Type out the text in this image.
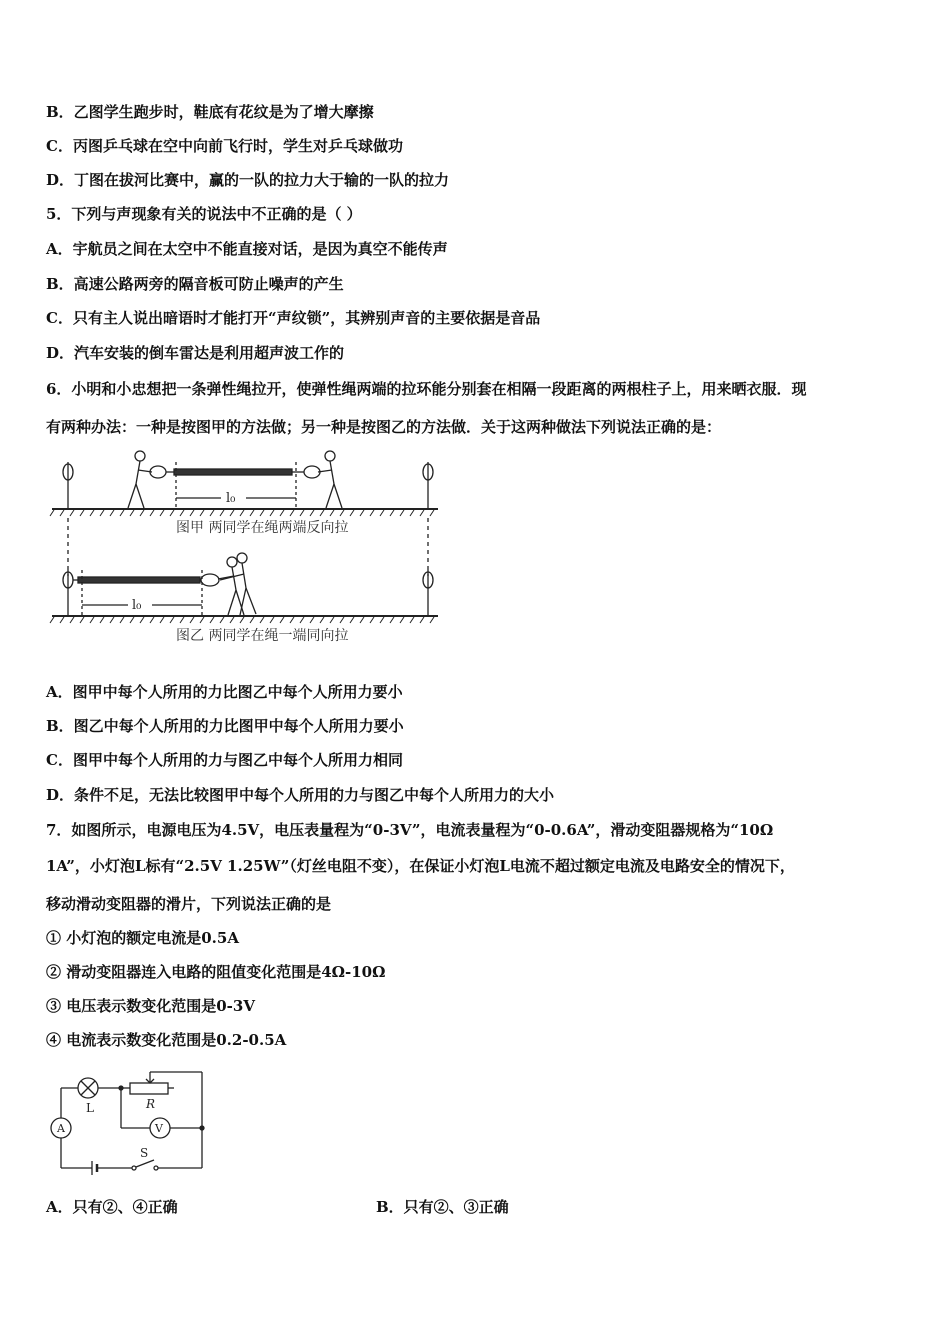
B．乙图学生跑步时，鞋底有花纹是为了增大摩擦
C．丙图乒乓球在空中向前飞行时，学生对乒乓球做功
D．丁图在拔河比赛中，赢的一队的拉力大于输的一队的拉力
5．下列与声现象有关的说法中不正确的是（ ）
A．宇航员之间在太空中不能直接对话，是因为真空不能传声
B．高速公路两旁的隔音板可防止噪声的产生
C．只有主人说出暗语时才能打开“声纹锁”，其辨别声音的主要依据是音品
D．汽车安装的倒车雷达是利用超声波工作的
6．小明和小忠想把一条弹性绳拉开，使弹性绳两端的拉环能分别套在相隔一段距离的两根柱子上，用来晒衣服．现
有两种办法：一种是按图甲的方法做；另一种是按图乙的方法做．关于这两种做法下列说法正确的是：
l₀
l₀
图甲 两同学在绳两端反向拉
图乙 两同学在绳一端同向拉
A．图甲中每个人所用的力比图乙中每个人所用力要小
B．图乙中每个人所用的力比图甲中每个人所用力要小
C．图甲中每个人所用的力与图乙中每个人所用力相同
D．条件不足，无法比较图甲中每个人所用的力与图乙中每个人所用力的大小
7．如图所示，电源电压为4.5V，电压表量程为“0-3V”，电流表量程为“0-0.6A”，滑动变阻器规格为“10Ω
1A”，小灯泡L标有“2.5V 1.25W”（灯丝电阻不变），在保证小灯泡L电流不超过额定电流及电路安全的情况下，
移动滑动变阻器的滑片，下列说法正确的是
① 小灯泡的额定电流是0.5A
② 滑动变阻器连入电路的阻值变化范围是4Ω-10Ω
③ 电压表示数变化范围是0-3V
④ 电流表示数变化范围是0.2-0.5A
L	R
V
A
S
A．只有②、④正确	B．只有②、③正确
